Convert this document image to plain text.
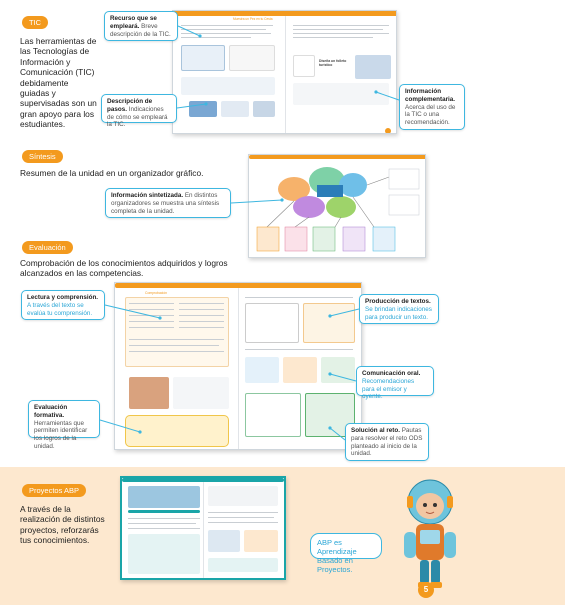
TIC
Las herramientas de las Tecnologías de Información y Comunicación (TIC) debidamente guiadas y supervisadas son un gran apoyo para los estudiantes.
Muestra un Pez en tu Cesta
Diseña un folleto turístico
Recurso que se empleará. Breve descripción de la TIC.
Descripción de pasos. Indicaciones de cómo se empleará la TIC.
Información complementaria. Acerca del uso de la TIC o una recomendación.
Síntesis
Resumen de la unidad en un organizador gráfico.
Información sintetizada. En distintos organizadores se muestra una síntesis completa de la unidad.
Evaluación
Comprobación de los conocimientos adquiridos y logros alcanzados en las competencias.
Comprobación
Lectura y comprensión. A través del texto se evalúa tu comprensión.
Producción de textos. Se brindan indicaciones para producir un texto.
Comunicación oral. Recomendaciones para el emisor y oyente.
Evaluación formativa. Herramientas que permiten identificar los logros de la unidad.
Solución al reto. Pautas para resolver el reto ODS planteado al inicio de la unidad.
Proyectos ABP
A través de la realización de distintos proyectos, reforzarás tus conocimientos.	ABP es Aprendizaje Basado en Proyectos.
5
